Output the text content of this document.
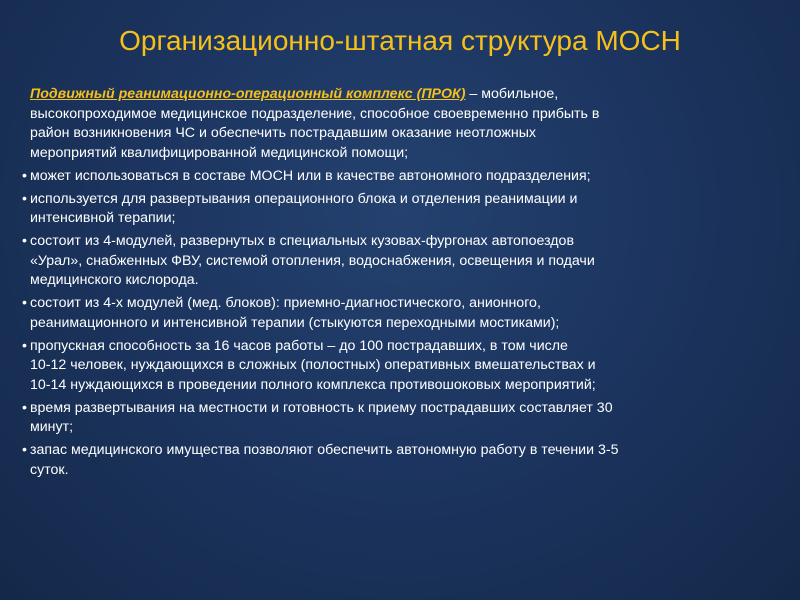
Организационно-штатная структура МОСН
Подвижный реанимационно-операционный комплекс (ПРОК) – мобильное,
высокопроходимое медицинское подразделение, способное своевременно прибыть в
район возникновения ЧС и обеспечить пострадавшим оказание неотложных
мероприятий квалифицированной медицинской помощи;
• может использоваться в составе МОСН или в качестве автономного подразделения;
• используется для развертывания операционного блока и отделения реанимации и
интенсивной терапии;
• состоит из 4-модулей, развернутых в специальных кузовах-фургонах автопоездов
«Урал», снабженных ФВУ, системой отопления, водоснабжения, освещения и подачи
медицинского кислорода.
• состоит из 4-х модулей (мед. блоков): приемно-диагностического, анионного,
реанимационного и интенсивной терапии (стыкуются переходными мостиками);
• пропускная способность за 16 часов работы – до 100 пострадавших, в том числе
10-12 человек, нуждающихся в сложных (полостных) оперативных вмешательствах и
10-14 нуждающихся в проведении полного комплекса противошоковых мероприятий;
• время развертывания на местности и готовность к приему пострадавших составляет 30
минут;
• запас медицинского имущества позволяют обеспечить автономную работу в течении 3-5
суток.
